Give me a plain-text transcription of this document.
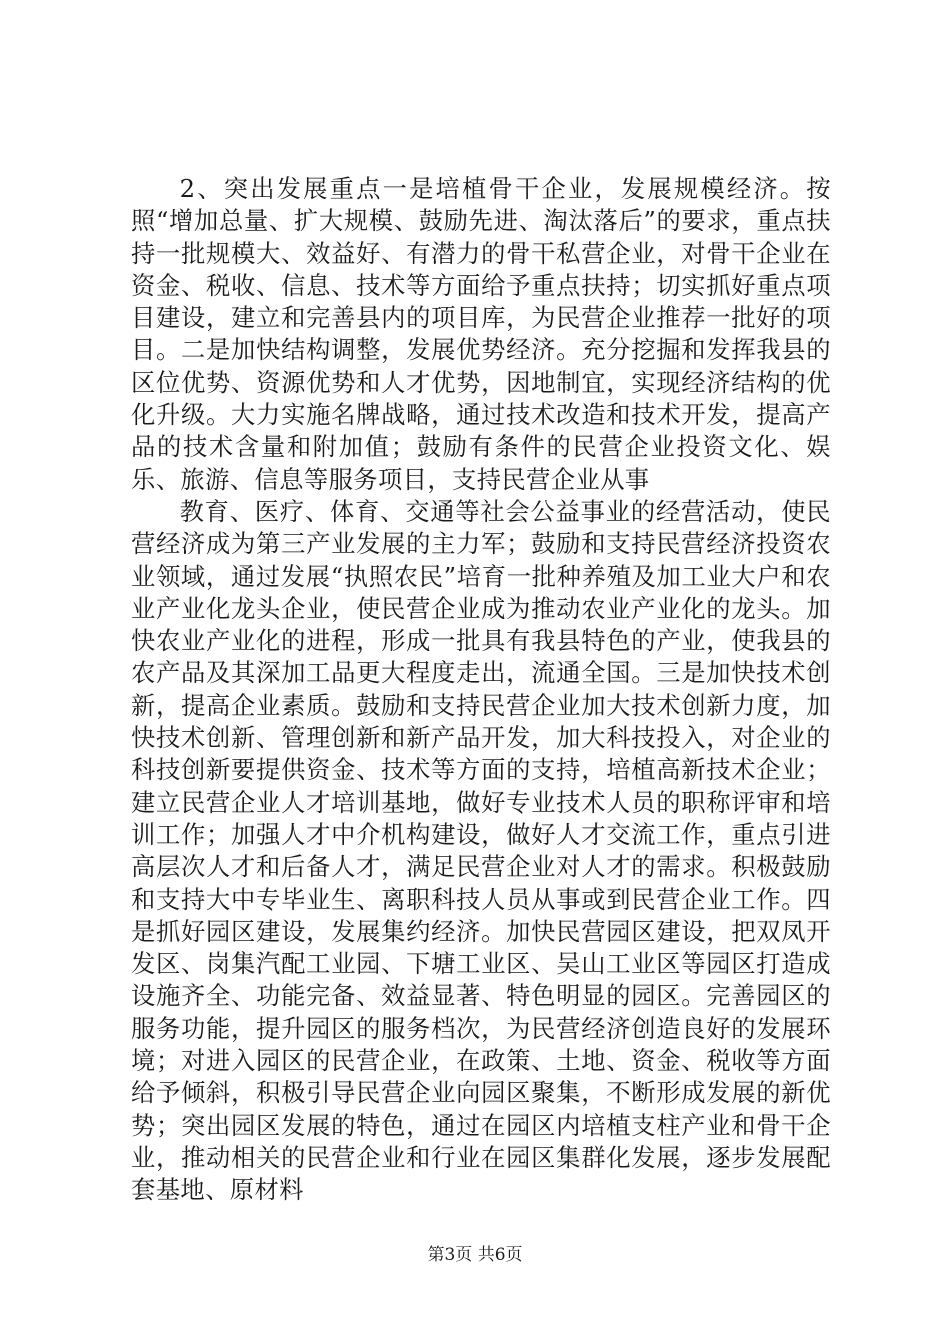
2、突出发展重点一是培植骨干企业，发展规模经济。按照“增加总量、扩大规模、鼓励先进、淘汰落后”的要求，重点扶持一批规模大、效益好、有潜力的骨干私营企业，对骨干企业在资金、税收、信息、技术等方面给予重点扶持；切实抓好重点项目建设，建立和完善县内的项目库，为民营企业推荐一批好的项目。二是加快结构调整，发展优势经济。充分挖掘和发挥我县的区位优势、资源优势和人才优势，因地制宜，实现经济结构的优化升级。大力实施名牌战略，通过技术改造和技术开发，提高产品的技术含量和附加值；鼓励有条件的民营企业投资文化、娱乐、旅游、信息等服务项目，支持民营企业从事

教育、医疗、体育、交通等社会公益事业的经营活动，使民营经济成为第三产业发展的主力军；鼓励和支持民营经济投资农业领域，通过发展“执照农民”培育一批种养殖及加工业大户和农业产业化龙头企业，使民营企业成为推动农业产业化的龙头。加快农业产业化的进程，形成一批具有我县特色的产业，使我县的农产品及其深加工品更大程度走出，流通全国。三是加快技术创新，提高企业素质。鼓励和支持民营企业加大技术创新力度，加快技术创新、管理创新和新产品开发，加大科技投入，对企业的科技创新要提供资金、技术等方面的支持，培植高新技术企业；建立民营企业人才培训基地，做好专业技术人员的职称评审和培训工作；加强人才中介机构建设，做好人才交流工作，重点引进高层次人才和后备人才，满足民营企业对人才的需求。积极鼓励和支持大中专毕业生、离职科技人员从事或到民营企业工作。四是抓好园区建设，发展集约经济。加快民营园区建设，把双凤开发区、岗集汽配工业园、下塘工业区、吴山工业区等园区打造成设施齐全、功能完备、效益显著、特色明显的园区。完善园区的服务功能，提升园区的服务档次，为民营经济创造良好的发展环境；对进入园区的民营企业，在政策、土地、资金、税收等方面给予倾斜，积极引导民营企业向园区聚集，不断形成发展的新优势；突出园区发展的特色，通过在园区内培植支柱产业和骨干企业，推动相关的民营企业和行业在园区集群化发展，逐步发展配套基地、原材料

第3页 共6页
